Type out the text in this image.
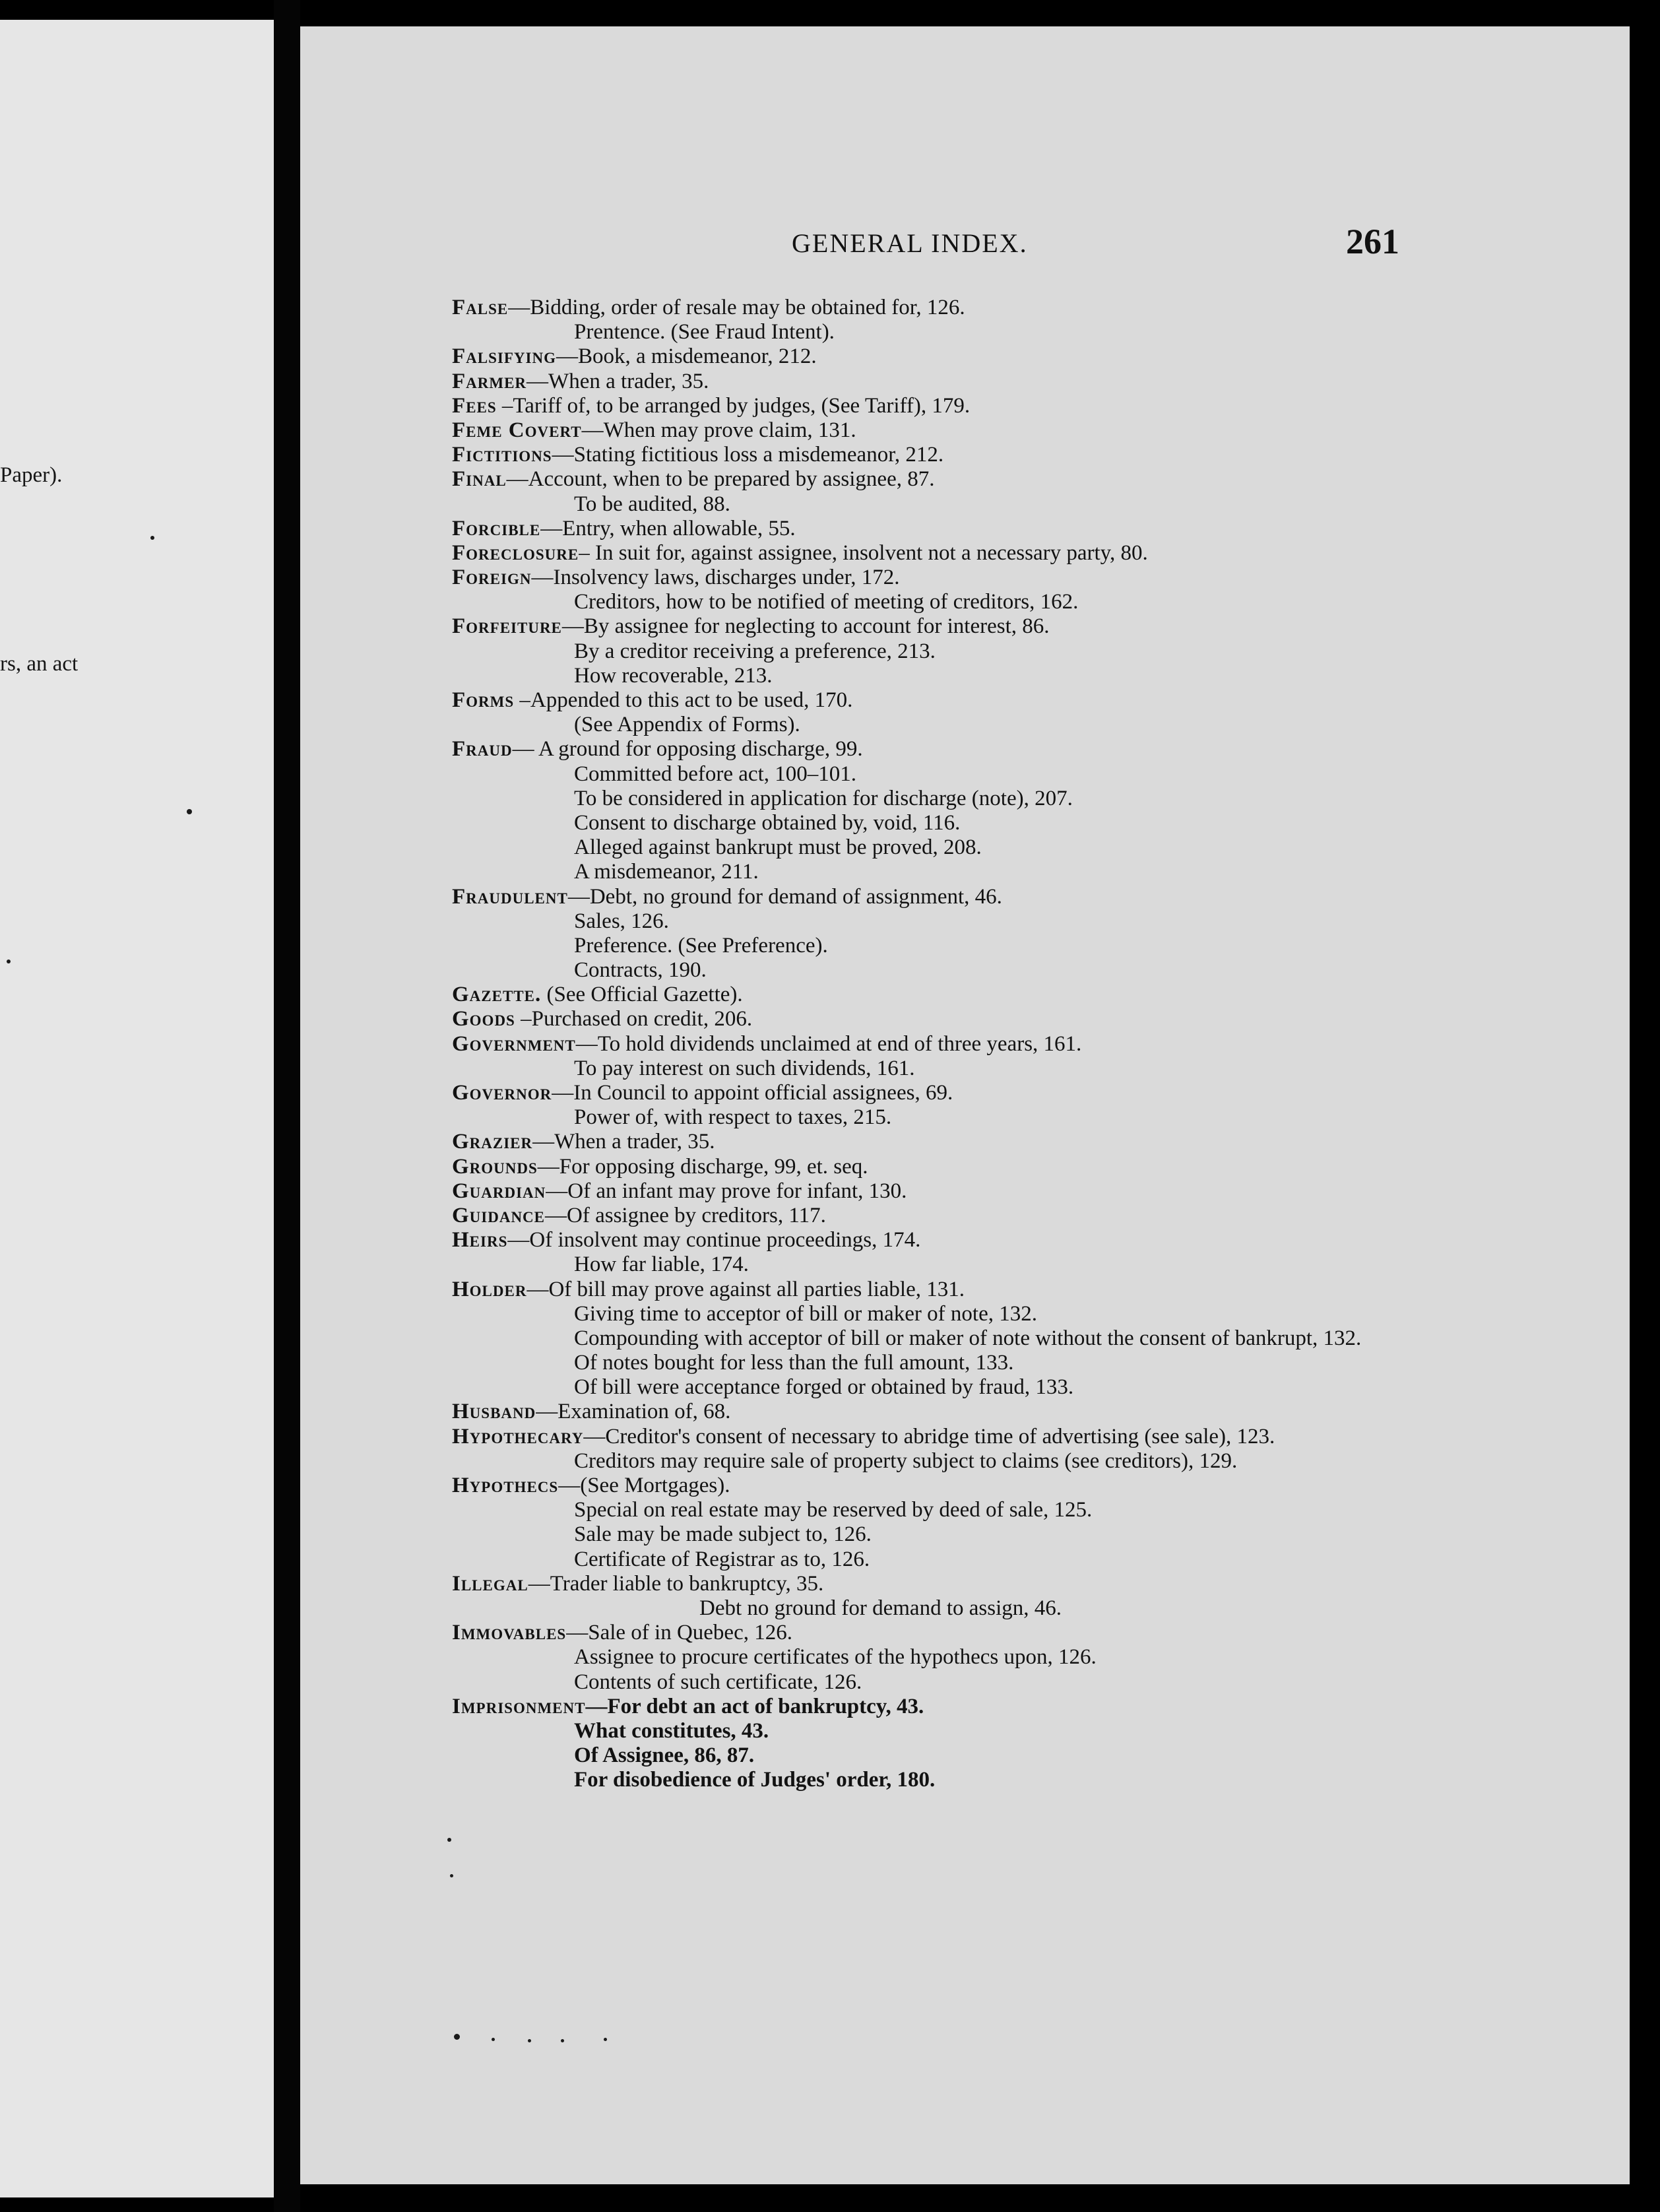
Paper).
rs, an act
GENERAL INDEX.	261
False—Bidding, order of resale may be obtained for, 126.
Prentence. (See Fraud Intent).
Falsifying—Book, a misdemeanor, 212.
Farmer—When a trader, 35.
Fees –Tariff of, to be arranged by judges, (See Tariff), 179.
Feme Covert—When may prove claim, 131.
Fictitions—Stating fictitious loss a misdemeanor, 212.
Final—Account, when to be prepared by assignee, 87.
To be audited, 88.
Forcible—Entry, when allowable, 55.
Foreclosure– In suit for, against assignee, insolvent not a necessary party, 80.
Foreign—Insolvency laws, discharges under, 172.
Creditors, how to be notified of meeting of creditors, 162.
Forfeiture—By assignee for neglecting to account for interest, 86.
By a creditor receiving a preference, 213.
How recoverable, 213.
Forms –Appended to this act to be used, 170.
(See Appendix of Forms).
Fraud— A ground for opposing discharge, 99.
Committed before act, 100–101.
To be considered in application for discharge (note), 207.
Consent to discharge obtained by, void, 116.
Alleged against bankrupt must be proved, 208.
A misdemeanor, 211.
Fraudulent—Debt, no ground for demand of assignment, 46.
Sales, 126.
Preference. (See Preference).
Contracts, 190.
Gazette. (See Official Gazette).
Goods –Purchased on credit, 206.
Government—To hold dividends unclaimed at end of three years, 161.
To pay interest on such dividends, 161.
Governor—In Council to appoint official assignees, 69.
Power of, with respect to taxes, 215.
Grazier—When a trader, 35.
Grounds—For opposing discharge, 99, et. seq.
Guardian—Of an infant may prove for infant, 130.
Guidance—Of assignee by creditors, 117.
Heirs—Of insolvent may continue proceedings, 174.
How far liable, 174.
Holder—Of bill may prove against all parties liable, 131.
Giving time to acceptor of bill or maker of note, 132.
Compounding with acceptor of bill or maker of note without the consent of bankrupt, 132.
Of notes bought for less than the full amount, 133.
Of bill were acceptance forged or obtained by fraud, 133.
Husband—Examination of, 68.
Hypothecary—Creditor's consent of necessary to abridge time of advertising (see sale), 123.
Creditors may require sale of property subject to claims (see creditors), 129.
Hypothecs—(See Mortgages).
Special on real estate may be reserved by deed of sale, 125.
Sale may be made subject to, 126.
Certificate of Registrar as to, 126.
Illegal—Trader liable to bankruptcy, 35.
Debt no ground for demand to assign, 46.
Immovables—Sale of in Quebec, 126.
Assignee to procure certificates of the hypothecs upon, 126.
Contents of such certificate, 126.
Imprisonment—For debt an act of bankruptcy, 43.
What constitutes, 43.
Of Assignee, 86, 87.
For disobedience of Judges' order, 180.
